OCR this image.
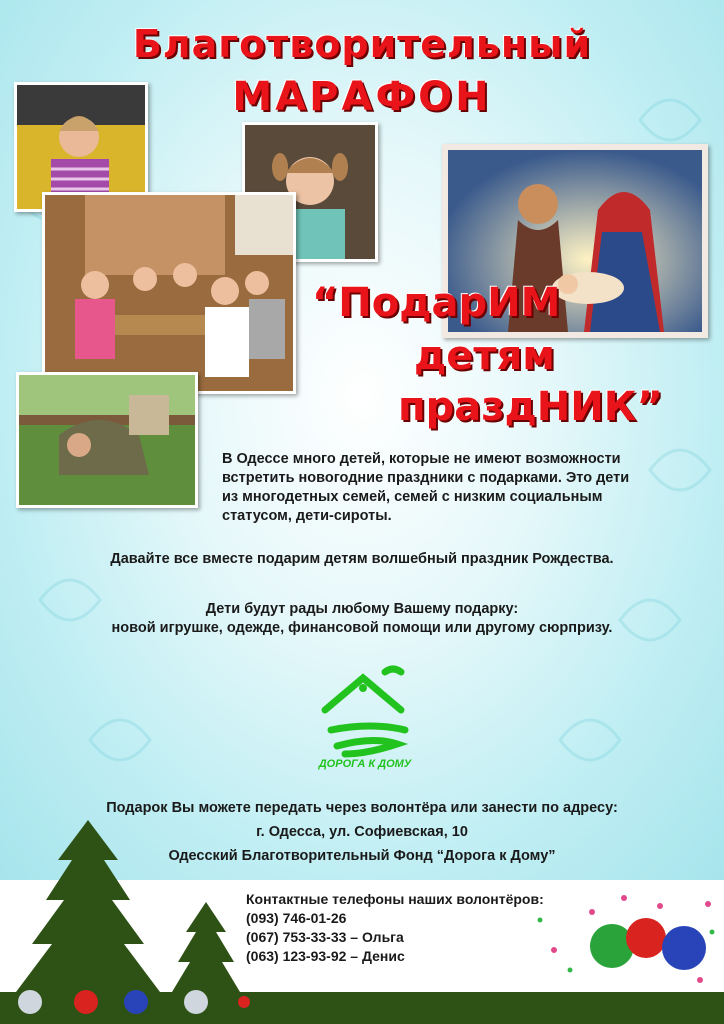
Благотворительный
МАРАФОН
“ПодарИМ
детям
праздНИК”
В Одессе много детей, которые не имеют возможности
встретить новогодние праздники с подарками. Это дети
из многодетных семей, семей с низким социальным
статусом, дети-сироты.
Давайте все вместе подарим детям волшебный праздник Рождества.
Дети будут рады любому Вашему подарку:
новой игрушке, одежде, финансовой помощи или другому сюрпризу.
ДОРОГА К ДОМУ
Подарок Вы можете передать через волонтёра или занести по адресу:
г. Одесса, ул. Софиевская, 10
Одесский Благотворительный Фонд “Дорога к Дому”
Контактные телефоны наших волонтёров:
(093) 746-01-26
(067) 753-33-33 – Ольга
(063) 123-93-92 – Денис
